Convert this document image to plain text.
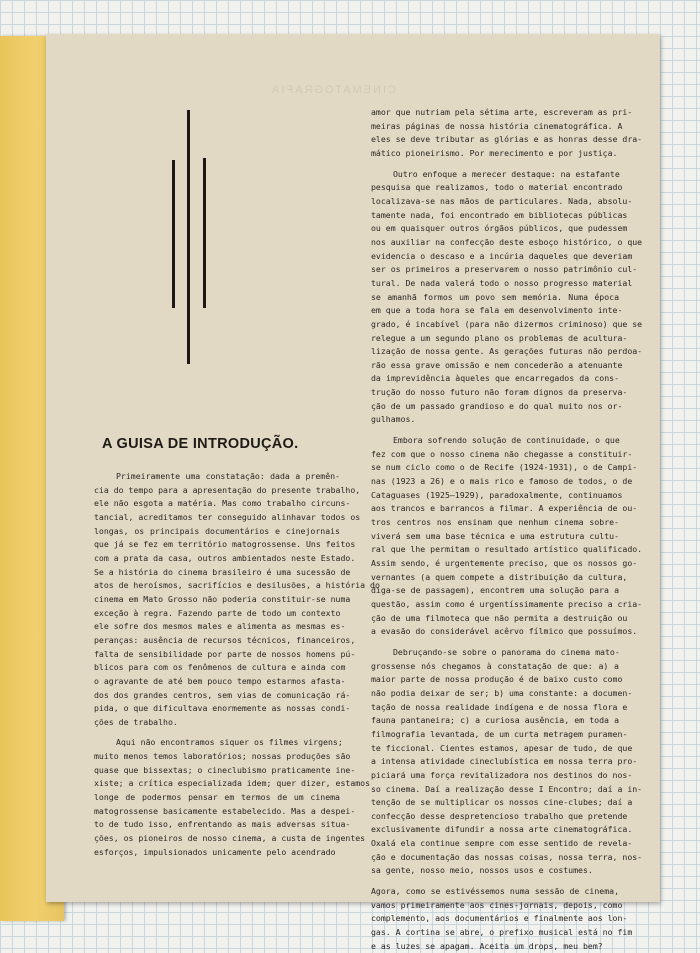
CINEMATOGRAFIA
A GUISA DE INTRODUÇÃO.

Primeiramente uma constatação: dada a premên-
cia do tempo para a apresentação do presente trabalho,
ele não esgota a matéria. Mas como trabalho circuns-
tancial, acreditamos ter conseguido alinhavar todos os
longas, os principais documentários e cinejornais
que já se fez em território matogrossense. Uns feitos
com a prata da casa, outros ambientados neste Estado.
Se a história do cinema brasileiro é uma sucessão de
atos de heroísmos, sacrifícios e desilusões, a história do
cinema em Mato Grosso não poderia constituir-se numa
exceção à regra. Fazendo parte de todo um contexto
ele sofre dos mesmos males e alimenta as mesmas es-
peranças: ausência de recursos técnicos, financeiros,
falta de sensibilidade por parte de nossos homens pú-
blicos para com os fenômenos de cultura e ainda com
o agravante de até bem pouco tempo estarmos afasta-
dos dos grandes centros, sem vias de comunicação rá-
pida, o que dificultava enormemente as nossas condi-
ções de trabalho.

Aqui não encontramos siquer os filmes virgens;
muito menos temos laboratórios; nossas produções são
quase que bissextas; o cineclubismo praticamente ine-
xiste; a crítica especializada idem; quer dizer, estamos
longe de podermos pensar em termos de um cinema
matogrossense basicamente estabelecido. Mas a despei-
to de tudo isso, enfrentando as mais adversas situa-
ções, os pioneiros de nosso cinema, a custa de ingentes
esforços, impulsionados unicamente pelo acendrado

amor que nutriam pela sétima arte, escreveram as pri-
meiras páginas de nossa história cinematográfica. A
eles se deve tributar as glórias e as honras desse dra-
mático pioneirismo. Por merecimento e por justiça.

Outro enfoque a merecer destaque: na estafante
pesquisa que realizamos, todo o material encontrado
localizava-se nas mãos de particulares. Nada, absolu-
tamente nada, foi encontrado em bibliotecas públicas
ou em quaisquer outros órgãos públicos, que pudessem
nos auxiliar na confecção deste esboço histórico, o que
evidencia o descaso e a incúria daqueles que deveriam
ser os primeiros a preservarem o nosso patrimônio cul-
tural. De nada valerá todo o nosso progresso material
se amanhã formos um povo sem memória. Numa época
em que a toda hora se fala em desenvolvimento inte-
grado, é incabível (para não dizermos criminoso) que se
relegue a um segundo plano os problemas de acultura-
lização de nossa gente. As gerações futuras não perdoa-
rão essa grave omissão e nem concederão a atenuante
da imprevidência àqueles que encarregados da cons-
trução do nosso futuro não foram dignos da preserva-
ção de um passado grandioso e do qual muito nos or-
gulhamos.

Embora sofrendo solução de continuidade, o que
fez com que o nosso cinema não chegasse a constituir-
se num ciclo como o de Recife (1924-1931), o de Campi-
nas (1923 a 26) e o mais rico e famoso de todos, o de
Cataguases (1925—1929), paradoxalmente, continuamos
aos trancos e barrancos a filmar. A experiência de ou-
tros centros nos ensinam que nenhum cinema sobre-
viverá sem uma base técnica e uma estrutura cultu-
ral que lhe permitam o resultado artístico qualificado.
Assim sendo, é urgentemente preciso, que os nossos go-
vernantes (a quem compete a distribuição da cultura,
diga-se de passagem), encontrem uma solução para a
questão, assim como é urgentíssimamente preciso a cria-
ção de uma filmoteca que não permita a destruição ou
a evasão do considerável acêrvo fílmico que possuímos.

Debruçando-se sobre o panorama do cinema mato-
grossense nós chegamos à constatação de que: a) a
maior parte de nossa produção é de baixo custo como
não podia deixar de ser; b) uma constante: a documen-
tação de nossa realidade indígena e de nossa flora e
fauna pantaneira; c) a curiosa ausência, em toda a
filmografia levantada, de um curta metragem puramen-
te ficcional. Cientes estamos, apesar de tudo, de que
a intensa atividade cineclubística em nossa terra pro-
piciará uma força revitalizadora nos destinos do nos-
so cinema. Daí a realização desse I Encontro; daí a in-
tenção de se multiplicar os nossos cine-clubes; daí a
confecção desse despretencioso trabalho que pretende
exclusivamente difundir a nossa arte cinematográfica.
Oxalá ela continue sempre com esse sentido de revela-
ção e documentação das nossas coisas, nossa terra, nos-
sa gente, nosso meio, nossos usos e costumes.

Agora, como se estivéssemos numa sessão de cinema,
vamos primeiramente aos cines-jornais, depois, como
complemento, aos documentários e finalmente aos lon-
gas. A cortina se abre, o prefixo musical está no fim
e as luzes se apagam. Aceita um drops, meu bem?
